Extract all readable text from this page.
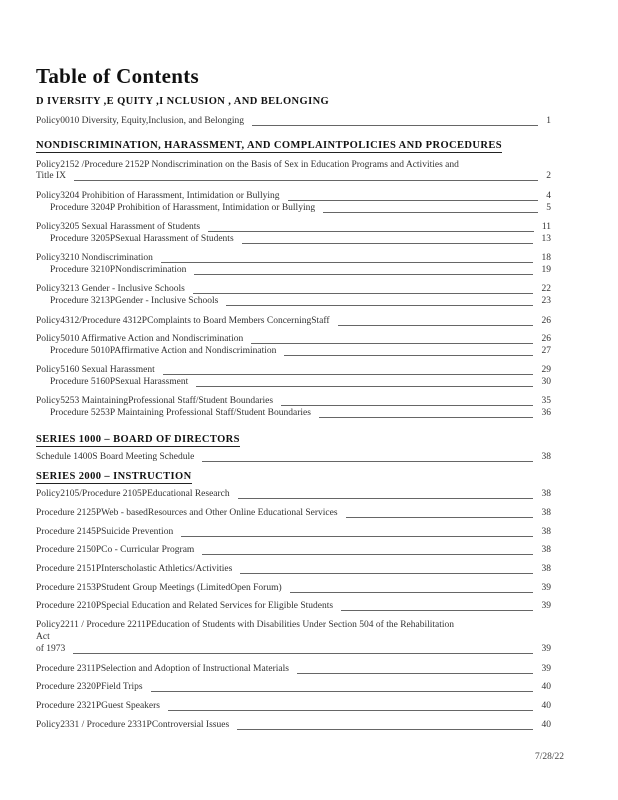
Table of Contents
D IVERSITY ,E QUITY ,I NCLUSION , AND BELONGING
Policy0010 Diversity, Equity,Inclusion, and Belonging	1
NONDISCRIMINATION, HARASSMENT, AND COMPLAINTPOLICIES AND PROCEDURES
Policy2152 /Procedure 2152P Nondiscrimination on the Basis of Sex in Education Programs and Activities and
Title IX	2
Policy3204 Prohibition of Harassment, Intimidation or Bullying	4
Procedure 3204P Prohibition of Harassment, Intimidation or Bullying	5
Policy3205 Sexual Harassment of Students	11
Procedure 3205PSexual Harassment of Students	13
Policy3210 Nondiscrimination	18
Procedure 3210PNondiscrimination	19
Policy3213 Gender - Inclusive Schools	22
Procedure 3213PGender - Inclusive Schools	23
Policy4312/Procedure 4312PComplaints to Board Members ConcerningStaff	26
Policy5010 Affirmative Action and Nondiscrimination	26
Procedure 5010PAffirmative Action and Nondiscrimination	27
Policy5160 Sexual Harassment	29
Procedure 5160PSexual Harassment	30
Policy5253 MaintainingProfessional Staff/Student Boundaries	35
Procedure 5253P Maintaining Professional Staff/Student Boundaries	36
SERIES 1000 – BOARD OF DIRECTORS
Schedule 1400S Board Meeting Schedule	38
SERIES 2000 – INSTRUCTION
Policy2105/Procedure 2105PEducational Research	38
Procedure 2125PWeb - basedResources and Other Online Educational Services	38
Procedure 2145PSuicide Prevention	38
Procedure 2150PCo - Curricular Program	38
Procedure 2151PInterscholastic Athletics/Activities	38
Procedure 2153PStudent Group Meetings (LimitedOpen Forum)	39
Procedure 2210PSpecial Education and Related Services for Eligible Students	39
Policy2211 / Procedure 2211PEducation of Students with Disabilities Under Section 504 of the Rehabilitation
Act
of 1973	39
Procedure 2311PSelection and Adoption of Instructional Materials	39
Procedure 2320PField Trips	40
Procedure 2321PGuest Speakers	40
Policy2331 / Procedure 2331PControversial Issues	40
7/28/22
